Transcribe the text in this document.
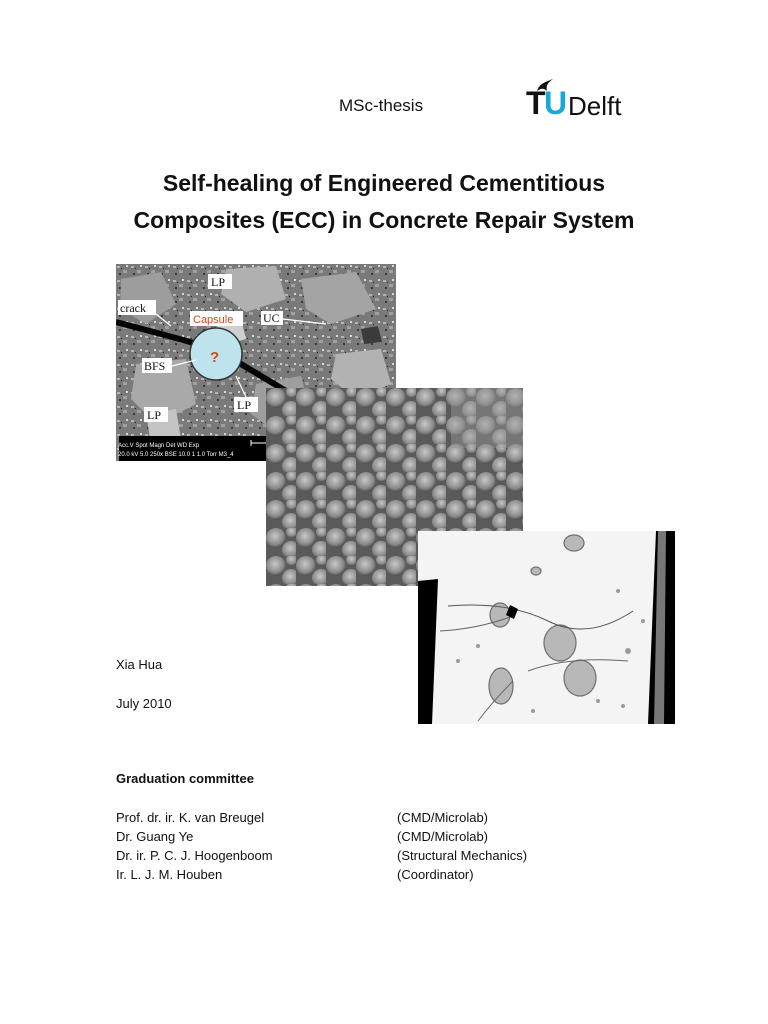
MSc-thesis	T
U Delft
Self-healing of Engineered Cementitious
Composites (ECC) in Concrete Repair System
LP
crack
UC
BFS
LP
LP
Capsule
?
Acc.V Spot Magn Det WD Exp
20.0 kV 5.0 250x BSE 10.0 1 1.0 Torr M3_4
Xia Hua
July 2010
Graduation committee
Prof. dr. ir. K. van Breugel	(CMD/Microlab)
Dr. Guang Ye	(CMD/Microlab)
Dr. ir. P. C. J. Hoogenboom	(Structural Mechanics)
Ir. L. J. M. Houben	(Coordinator)
